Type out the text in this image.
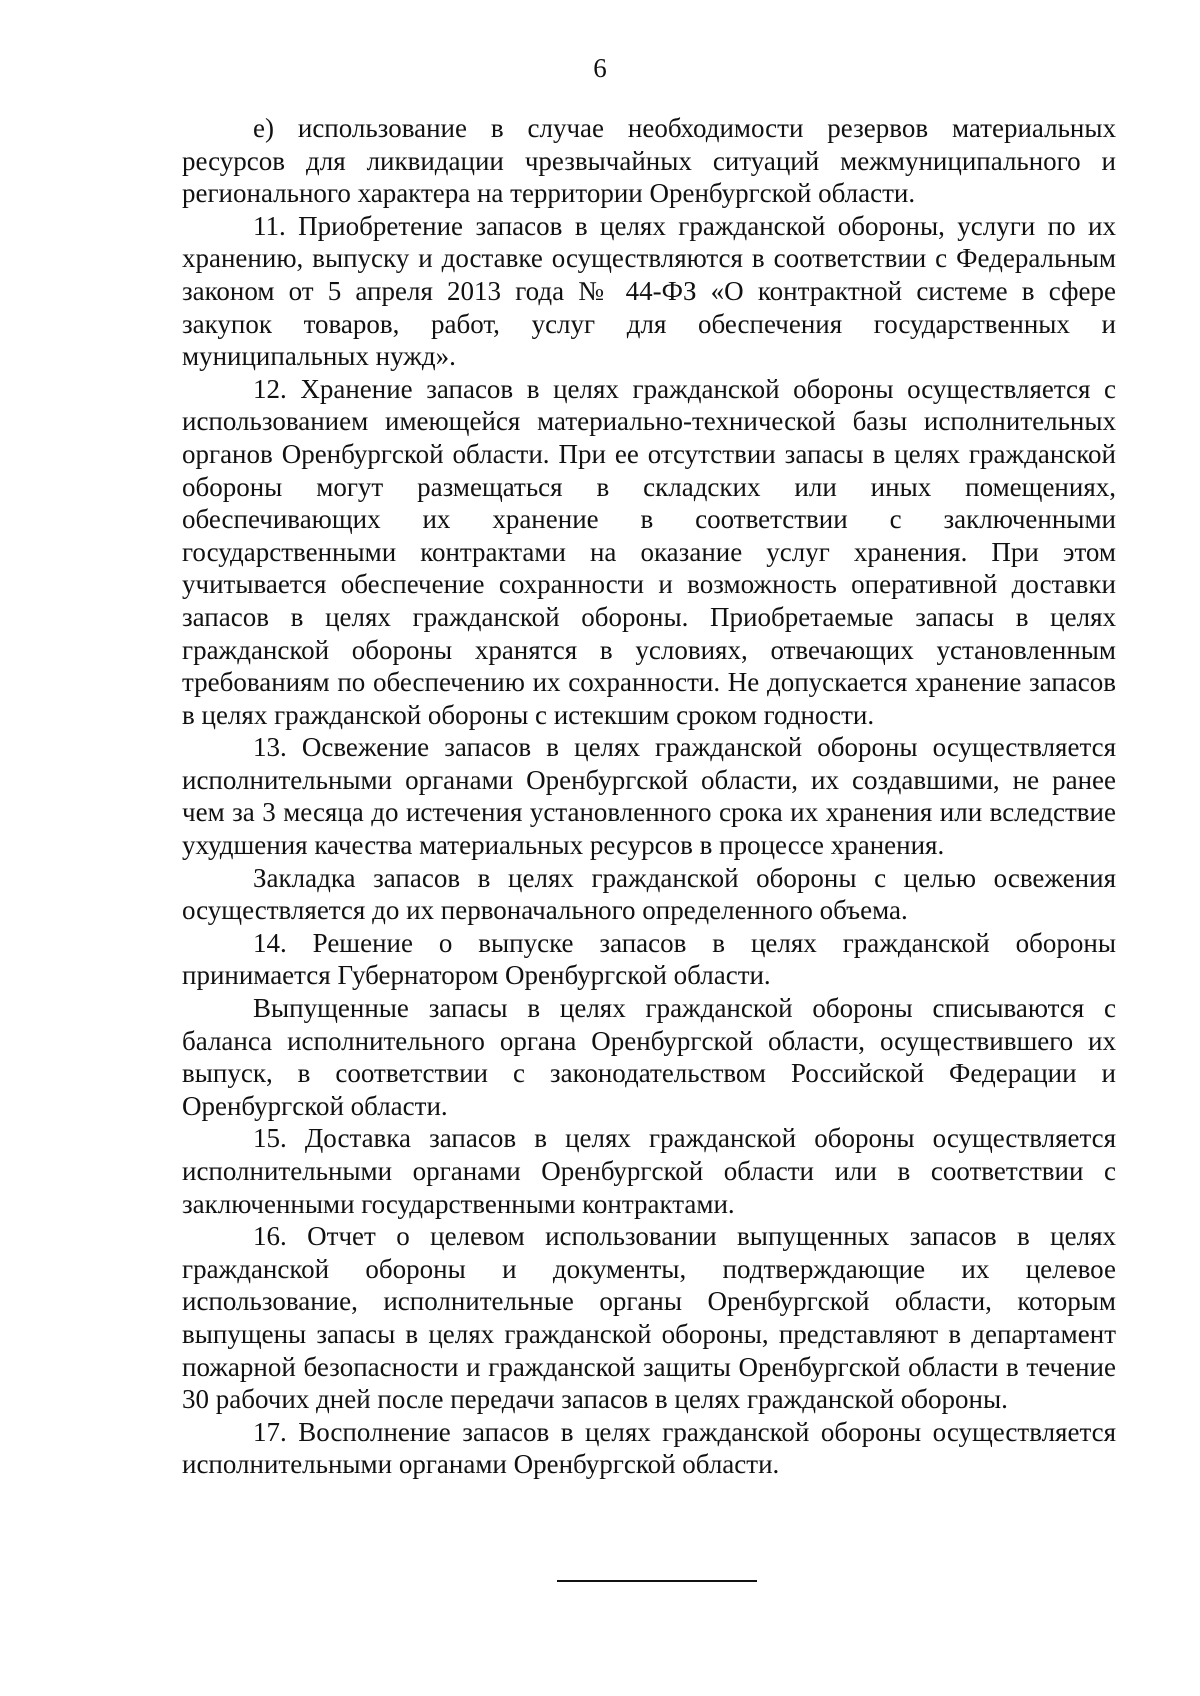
6

е) использование в случае необходимости резервов материальных ресурсов для ликвидации чрезвычайных ситуаций межмуниципального и регионального характера на территории Оренбургской области.

11. Приобретение запасов в целях гражданской обороны, услуги по их хранению, выпуску и доставке осуществляются в соответствии с Федеральным законом от 5 апреля 2013 года № 44-ФЗ «О контрактной системе в сфере закупок товаров, работ, услуг для обеспечения государственных и муниципальных нужд».

12. Хранение запасов в целях гражданской обороны осуществляется с использованием имеющейся материально-технической базы исполнительных органов Оренбургской области. При ее отсутствии запасы в целях гражданской обороны могут размещаться в складских или иных помещениях, обеспечивающих их хранение в соответствии с заключенными государственными контрактами на оказание услуг хранения. При этом учитывается обеспечение сохранности и возможность оперативной доставки запасов в целях гражданской обороны. Приобретаемые запасы в целях гражданской обороны хранятся в условиях, отвечающих установленным требованиям по обеспечению их сохранности. Не допускается хранение запасов в целях гражданской обороны с истекшим сроком годности.

13. Освежение запасов в целях гражданской обороны осуществляется исполнительными органами Оренбургской области, их создавшими, не ранее чем за 3 месяца до истечения установленного срока их хранения или вследствие ухудшения качества материальных ресурсов в процессе хранения.

Закладка запасов в целях гражданской обороны с целью освежения осуществляется до их первоначального определенного объема.

14. Решение о выпуске запасов в целях гражданской обороны принимается Губернатором Оренбургской области.

Выпущенные запасы в целях гражданской обороны списываются с баланса исполнительного органа Оренбургской области, осуществившего их выпуск, в соответствии с законодательством Российской Федерации и Оренбургской области.

15. Доставка запасов в целях гражданской обороны осуществляется исполнительными органами Оренбургской области или в соответствии с заключенными государственными контрактами.

16. Отчет о целевом использовании выпущенных запасов в целях гражданской обороны и документы, подтверждающие их целевое использование, исполнительные органы Оренбургской области, которым выпущены запасы в целях гражданской обороны, представляют в департамент пожарной безопасности и гражданской защиты Оренбургской области в течение 30 рабочих дней после передачи запасов в целях гражданской обороны.

17. Восполнение запасов в целях гражданской обороны осуществляется исполнительными органами Оренбургской области.
